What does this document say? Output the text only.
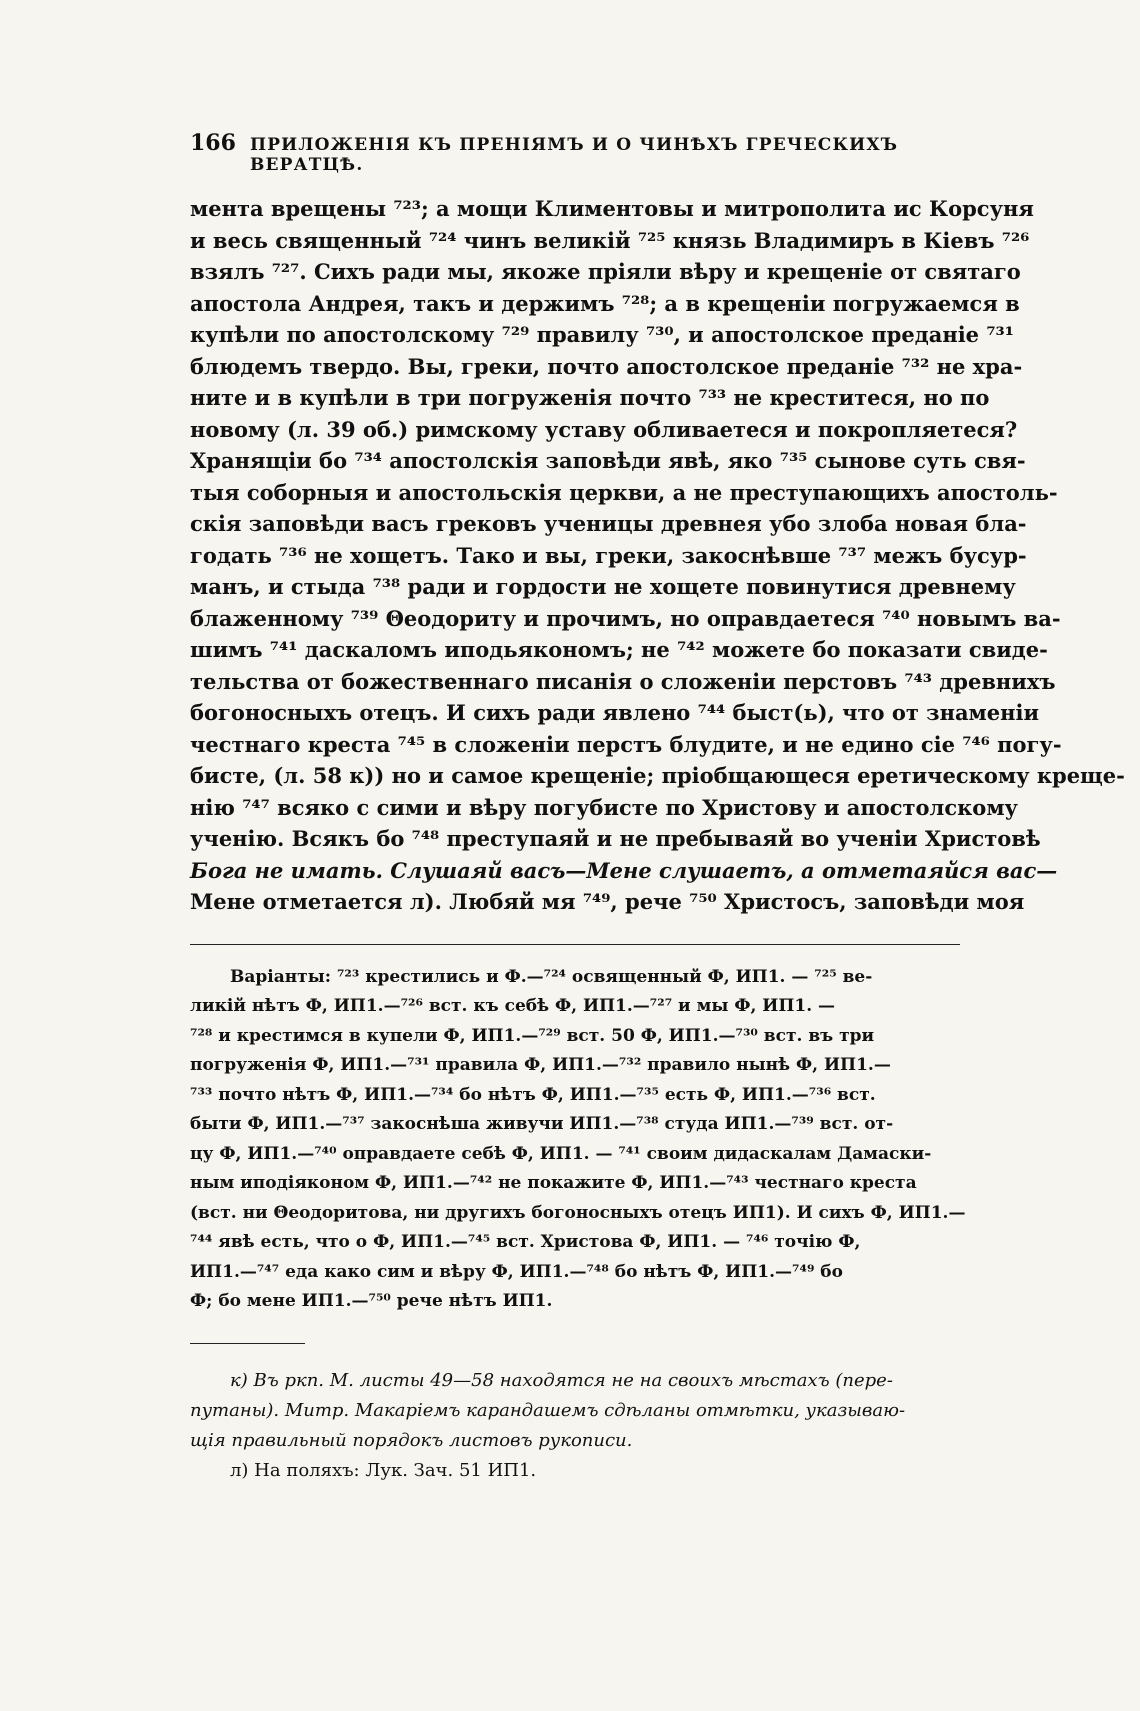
166 ПРИЛОЖЕНІЯ КЪ ПРЕНІЯМЪ И О ЧИНѢХЪ ГРЕЧЕСКИХЪ ВЕРАТЦѢ.
мента врещены ⁷²³; а мощи Климентовы и митрополита ис Корсуня
и весь священный ⁷²⁴ чинъ великій ⁷²⁵ князь Владимиръ в Кіевъ ⁷²⁶
взялъ ⁷²⁷. Сихъ ради мы, якоже пріяли вѣру и крещеніе от святаго
апостола Андрея, такъ и держимъ ⁷²⁸; а в крещеніи погружаемся в
купѣли по апостолскому ⁷²⁹ правилу ⁷³⁰, и апостолское преданіе ⁷³¹
блюдемъ твердо. Вы, греки, почто апостолское преданіе ⁷³² не хра-
ните и в купѣли в три погруженія почто ⁷³³ не креститеся, но по
новому (л. 39 об.) римскому уставу обливаетеся и покропляетеся?
Хранящіи бо ⁷³⁴ апостолскія заповѣди явѣ, яко ⁷³⁵ сынове суть свя-
тыя соборныя и апостольскія церкви, а не преступающихъ апостоль-
скія заповѣди васъ грековъ ученицы древнея убо злоба новая бла-
годать ⁷³⁶ не хощетъ. Тако и вы, греки, закоснѣвше ⁷³⁷ межъ бусур-
манъ, и стыда ⁷³⁸ ради и гордости не хощете повинутися древнему
блаженному ⁷³⁹ Θеодориту и прочимъ, но оправдаетеся ⁷⁴⁰ новымъ ва-
шимъ ⁷⁴¹ даскаломъ иподьякономъ; не ⁷⁴² можете бо показати свиде-
тельства от божественнаго писанія о сложеніи перстовъ ⁷⁴³ древнихъ
богоносныхъ отецъ. И сихъ ради явлено ⁷⁴⁴ быст(ь), что от знаменіи
честнаго креста ⁷⁴⁵ в сложеніи перстъ блудите, и не едино сіе ⁷⁴⁶ погу-
бисте, (л. 58 к)) но и самое крещеніе; пріобщающеся еретическому креще-
нію ⁷⁴⁷ всяко с сими и вѣру погубисте по Христову и апостолскому
ученію. Всякъ бо ⁷⁴⁸ преступаяй и не пребываяй во ученіи Христовѣ
Бога не имать. Слушаяй васъ—Мене слушаетъ, а отметаяйся вас—
Мене отметается л). Любяй мя ⁷⁴⁹, рече ⁷⁵⁰ Христосъ, заповѣди моя
Варіанты: ⁷²³ крестились и Ф.—⁷²⁴ освященный Ф, ИП1. — ⁷²⁵ ве-
ликій нѣтъ Ф, ИП1.—⁷²⁶ вст. къ себѣ Ф, ИП1.—⁷²⁷ и мы Ф, ИП1. —
⁷²⁸ и крестимся в купели Ф, ИП1.—⁷²⁹ вст. 50 Ф, ИП1.—⁷³⁰ вст. въ три
погруженія Ф, ИП1.—⁷³¹ правила Ф, ИП1.—⁷³² правило нынѣ Ф, ИП1.—
⁷³³ почто нѣтъ Ф, ИП1.—⁷³⁴ бо нѣтъ Ф, ИП1.—⁷³⁵ есть Ф, ИП1.—⁷³⁶ вст.
быти Ф, ИП1.—⁷³⁷ закоснѣша живучи ИП1.—⁷³⁸ студа ИП1.—⁷³⁹ вст. от-
цу Ф, ИП1.—⁷⁴⁰ оправдаете себѣ Ф, ИП1. — ⁷⁴¹ своим дидаскалам Дамаски-
ным иподіяконом Ф, ИП1.—⁷⁴² не покажите Ф, ИП1.—⁷⁴³ честнаго креста
(вст. ни Θеодоритова, ни другихъ богоносныхъ отецъ ИП1). И сихъ Ф, ИП1.—
⁷⁴⁴ явѣ есть, что о Ф, ИП1.—⁷⁴⁵ вст. Христова Ф, ИП1. — ⁷⁴⁶ точію Ф,
ИП1.—⁷⁴⁷ еда како сим и вѣру Ф, ИП1.—⁷⁴⁸ бо нѣтъ Ф, ИП1.—⁷⁴⁹ бо
Ф; бо мене ИП1.—⁷⁵⁰ рече нѣтъ ИП1.
к) Въ ркп. М. листы 49—58 находятся не на своихъ мѣстахъ (пере-
путаны). Митр. Макаріемъ карандашемъ сдѣланы отмѣтки, указываю-
щія правильный порядокъ листовъ рукописи.
л) На поляхъ: Лук. Зач. 51 ИП1.
